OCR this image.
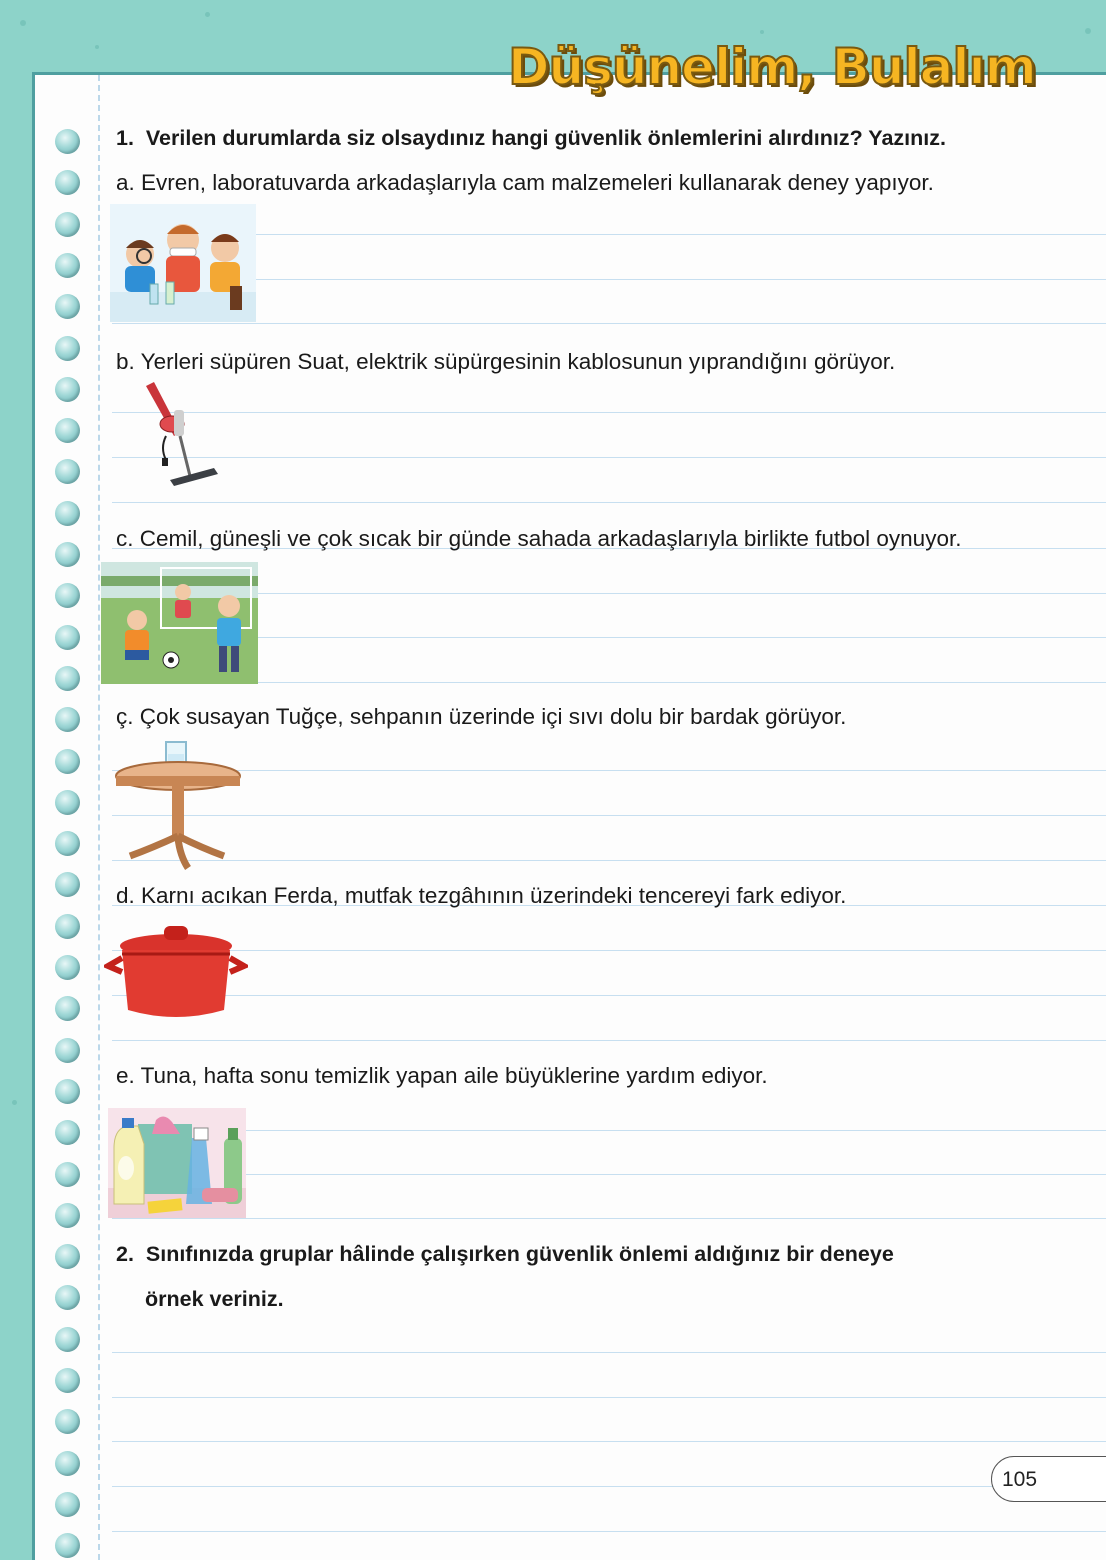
Düşünelim, Bulalım
1. Verilen durumlarda siz olsaydınız hangi güvenlik önlemlerini alırdınız? Yazınız.
a. Evren, laboratuvarda arkadaşlarıyla cam malzemeleri kullanarak deney yapıyor.
b. Yerleri süpüren Suat, elektrik süpürgesinin kablosunun yıprandığını görüyor.
c. Cemil, güneşli ve çok sıcak bir günde sahada arkadaşlarıyla birlikte futbol oynuyor.
ç. Çok susayan Tuğçe, sehpanın üzerinde içi sıvı dolu bir bardak görüyor.
d. Karnı acıkan Ferda, mutfak tezgâhının üzerindeki tencereyi fark ediyor.
e. Tuna, hafta sonu temizlik yapan aile büyüklerine yardım ediyor.
2. Sınıfınızda gruplar hâlinde çalışırken güvenlik önlemi aldığınız bir deneye
örnek veriniz.
105
